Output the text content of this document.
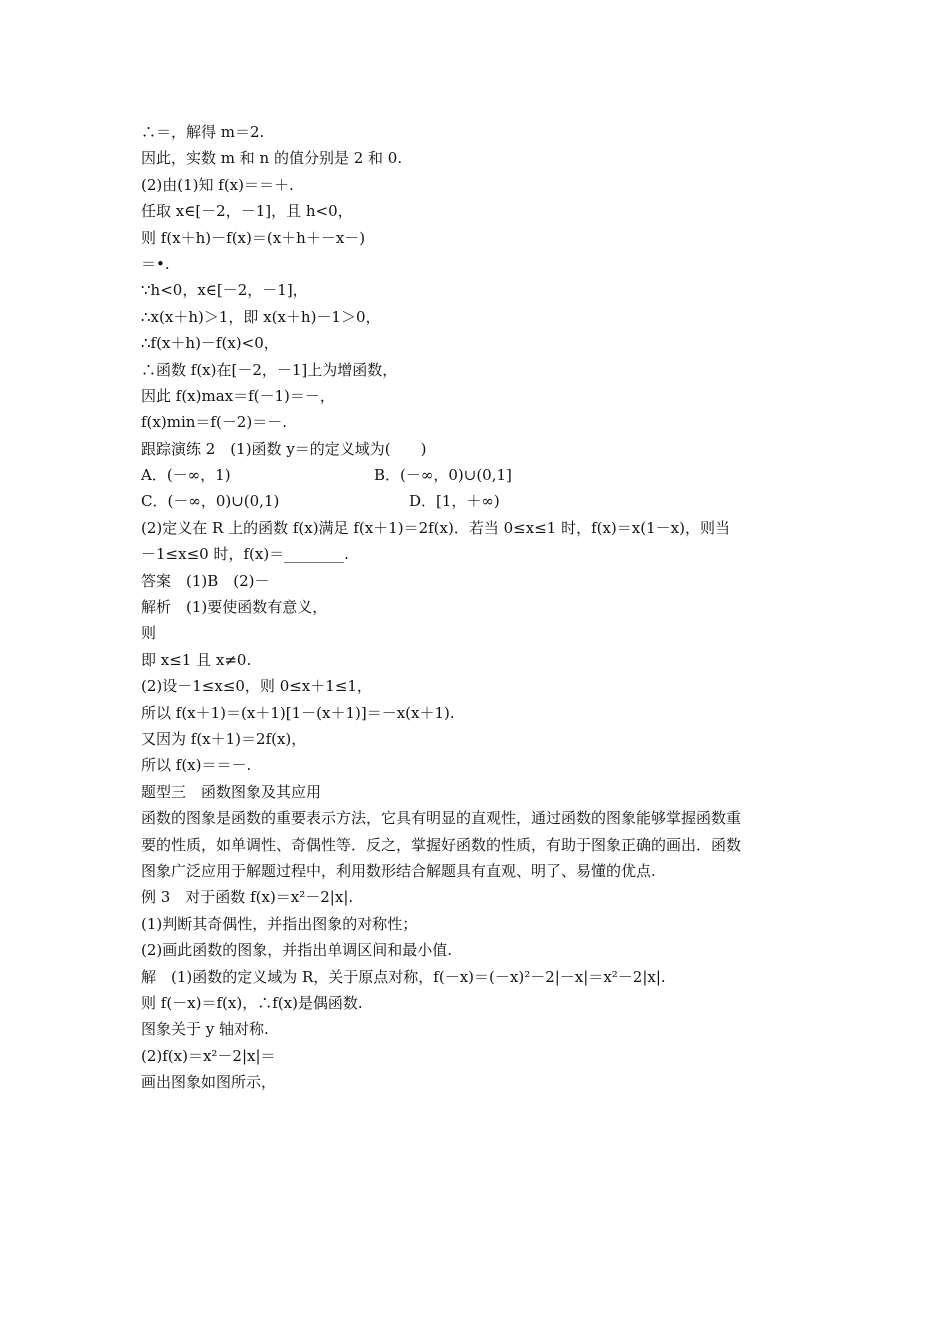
∴＝，解得 m＝2.

因此，实数 m 和 n 的值分别是 2 和 0.

(2)由(1)知 f(x)＝＝＋.

任取 x∈[－2，－1]，且 h<0，

则 f(x＋h)－f(x)＝(x＋h＋－x－)

＝•.

∵h<0，x∈[－2，－1]，

∴x(x＋h)＞1，即 x(x＋h)－1＞0，

∴f(x＋h)－f(x)<0，

∴函数 f(x)在[－2，－1]上为增函数，

因此 f(x)max＝f(－1)＝－，

f(x)min＝f(－2)＝－.

跟踪演练 2　(1)函数 y＝的定义域为(　　)

A．(－∞，1)	B．(－∞，0)∪(0,1]
C．(－∞，0)∪(0,1)	D．[1，＋∞)

(2)定义在 R 上的函数 f(x)满足 f(x＋1)＝2f(x)．若当 0≤x≤1 时，f(x)＝x(1－x)，则当

－1≤x≤0 时，f(x)＝________.

答案　(1)B　(2)－

解析　(1)要使函数有意义，

则

即 x≤1 且 x≠0.

(2)设－1≤x≤0，则 0≤x＋1≤1，

所以 f(x＋1)＝(x＋1)[1－(x＋1)]＝－x(x＋1).

又因为 f(x＋1)＝2f(x)，

所以 f(x)＝＝－.

题型三　函数图象及其应用

函数的图象是函数的重要表示方法，它具有明显的直观性，通过函数的图象能够掌握函数重

要的性质，如单调性、奇偶性等．反之，掌握好函数的性质，有助于图象正确的画出．函数

图象广泛应用于解题过程中，利用数形结合解题具有直观、明了、易懂的优点.

例 3　对于函数 f(x)＝x²－2|x|.

(1)判断其奇偶性，并指出图象的对称性；

(2)画此函数的图象，并指出单调区间和最小值.

解　(1)函数的定义域为 R，关于原点对称，f(－x)＝(－x)²－2|－x|＝x²－2|x|.

则 f(－x)＝f(x)，∴f(x)是偶函数.

图象关于 y 轴对称.

(2)f(x)＝x²－2|x|＝

画出图象如图所示，
